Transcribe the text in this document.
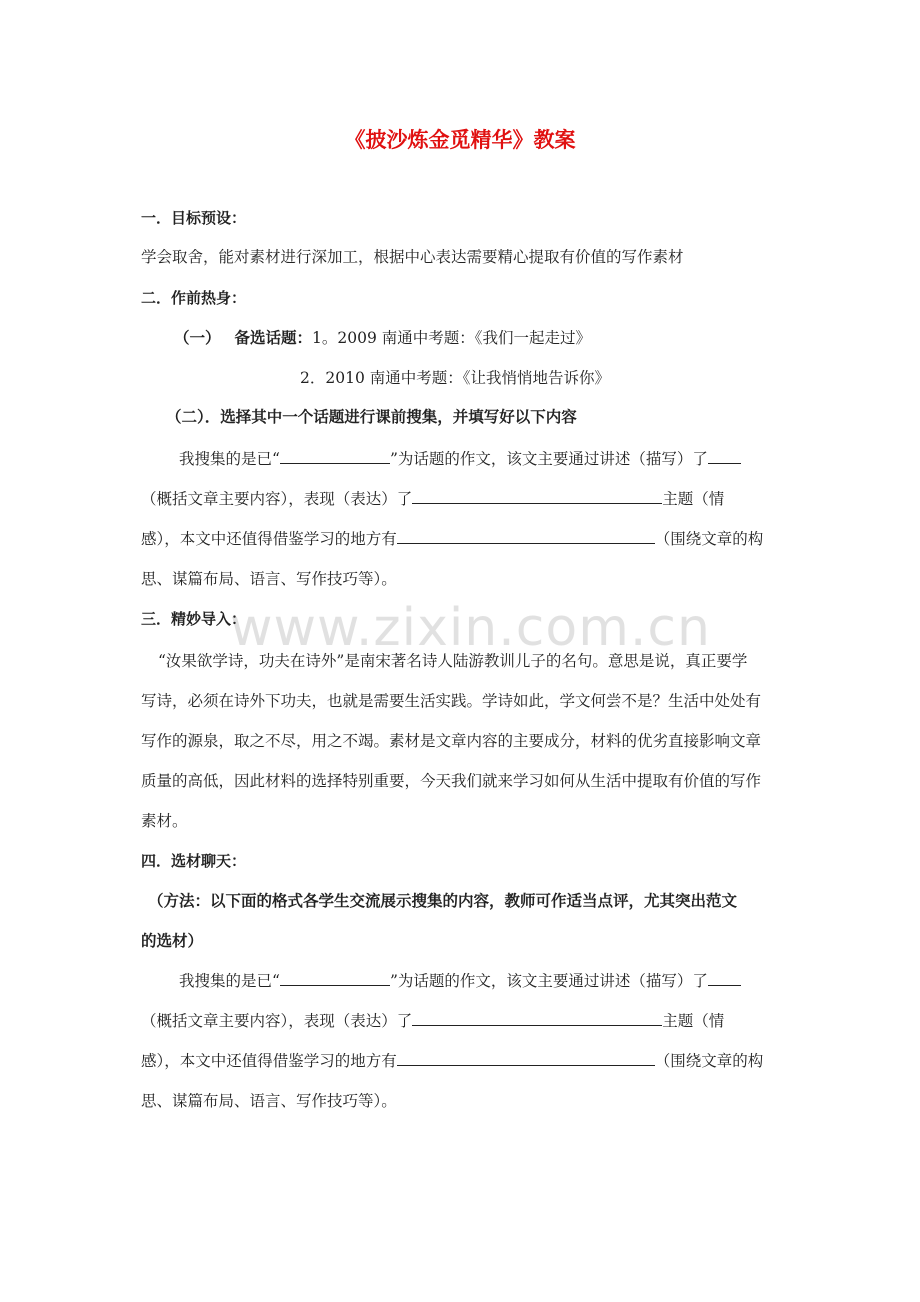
《披沙炼金觅精华》教案
www.zixin.com.cn
一．目标预设：
学会取舍，能对素材进行深加工，根据中心表达需要精心提取有价值的写作素材
二．作前热身：
（一） 备选话题：1。2009 南通中考题：《我们一起走过》
2．2010 南通中考题：《让我悄悄地告诉你》
（二）．选择其中一个话题进行课前搜集，并填写好以下内容
我搜集的是已“	”为话题的作文，该文主要通过讲述（描写）了
（概括文章主要内容），表现（表达）了	主题（情
感），本文中还值得借鉴学习的地方有	（围绕文章的构
思、谋篇布局、语言、写作技巧等）。
三．精妙导入：
“汝果欲学诗，功夫在诗外”是南宋著名诗人陆游教训儿子的名句。意思是说，真正要学
写诗，必须在诗外下功夫，也就是需要生活实践。学诗如此，学文何尝不是？生活中处处有
写作的源泉，取之不尽，用之不竭。素材是文章内容的主要成分，材料的优劣直接影响文章
质量的高低，因此材料的选择特别重要，今天我们就来学习如何从生活中提取有价值的写作
素材。
四．选材聊天：
（方法：以下面的格式各学生交流展示搜集的内容，教师可作适当点评，尤其突出范文
的选材）
我搜集的是已“	”为话题的作文，该文主要通过讲述（描写）了
（概括文章主要内容），表现（表达）了	主题（情
感），本文中还值得借鉴学习的地方有	（围绕文章的构
思、谋篇布局、语言、写作技巧等）。
